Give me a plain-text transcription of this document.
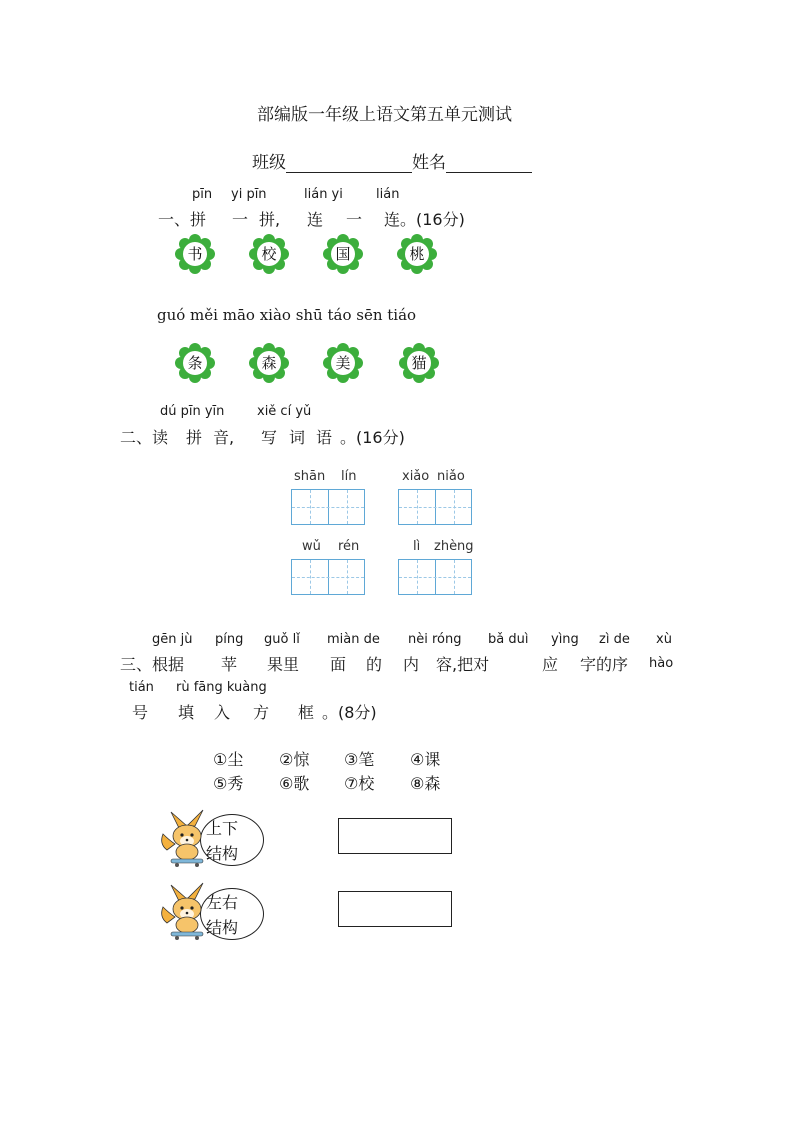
部编版一年级上语文第五单元测试
班级	姓名
pīn yi pīn	lián yi	lián
一、拼 一 拼, 连 一 连。(16分)
书	校	国	桃
guó měi māo xiào shū táo sēn tiáo
条	森	美	猫
dú pīn yīn	xiě cí yǔ
二、读 拼 音, 写 词 语 。(16分)
shān lín	xiǎo niǎo
wǔ rén	lì zhèng
gēn jù píng guǒ lǐ miàn de nèi róng bǎ duì yìng zì de xù
三、根据 苹 果里 面 的 内 容,把对	应 字的序 hào
tián rù fāng kuàng
号 填 入 方 框 。(8分)
①尘 ②惊 ③笔 ④课
⑤秀 ⑥歌 ⑦校 ⑧森
上下
结构
左右
结构
